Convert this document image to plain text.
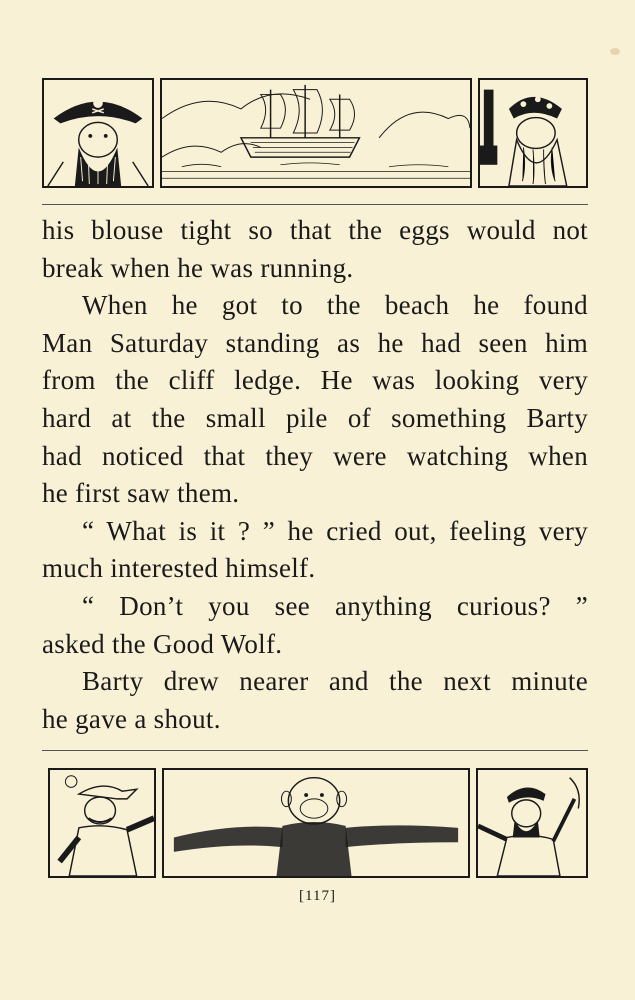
his blouse tight so that the eggs would not
break when he was running.
When he got to the beach he found
Man Saturday standing as he had seen him
from the cliff ledge. He was looking very
hard at the small pile of something Barty
had noticed that they were watching when
he first saw them.
“ What is it ? ” he cried out, feeling very
much interested himself.
“ Don’t you see anything curious? ”
asked the Good Wolf.
Barty drew nearer and the next minute
he gave a shout.
[117]
